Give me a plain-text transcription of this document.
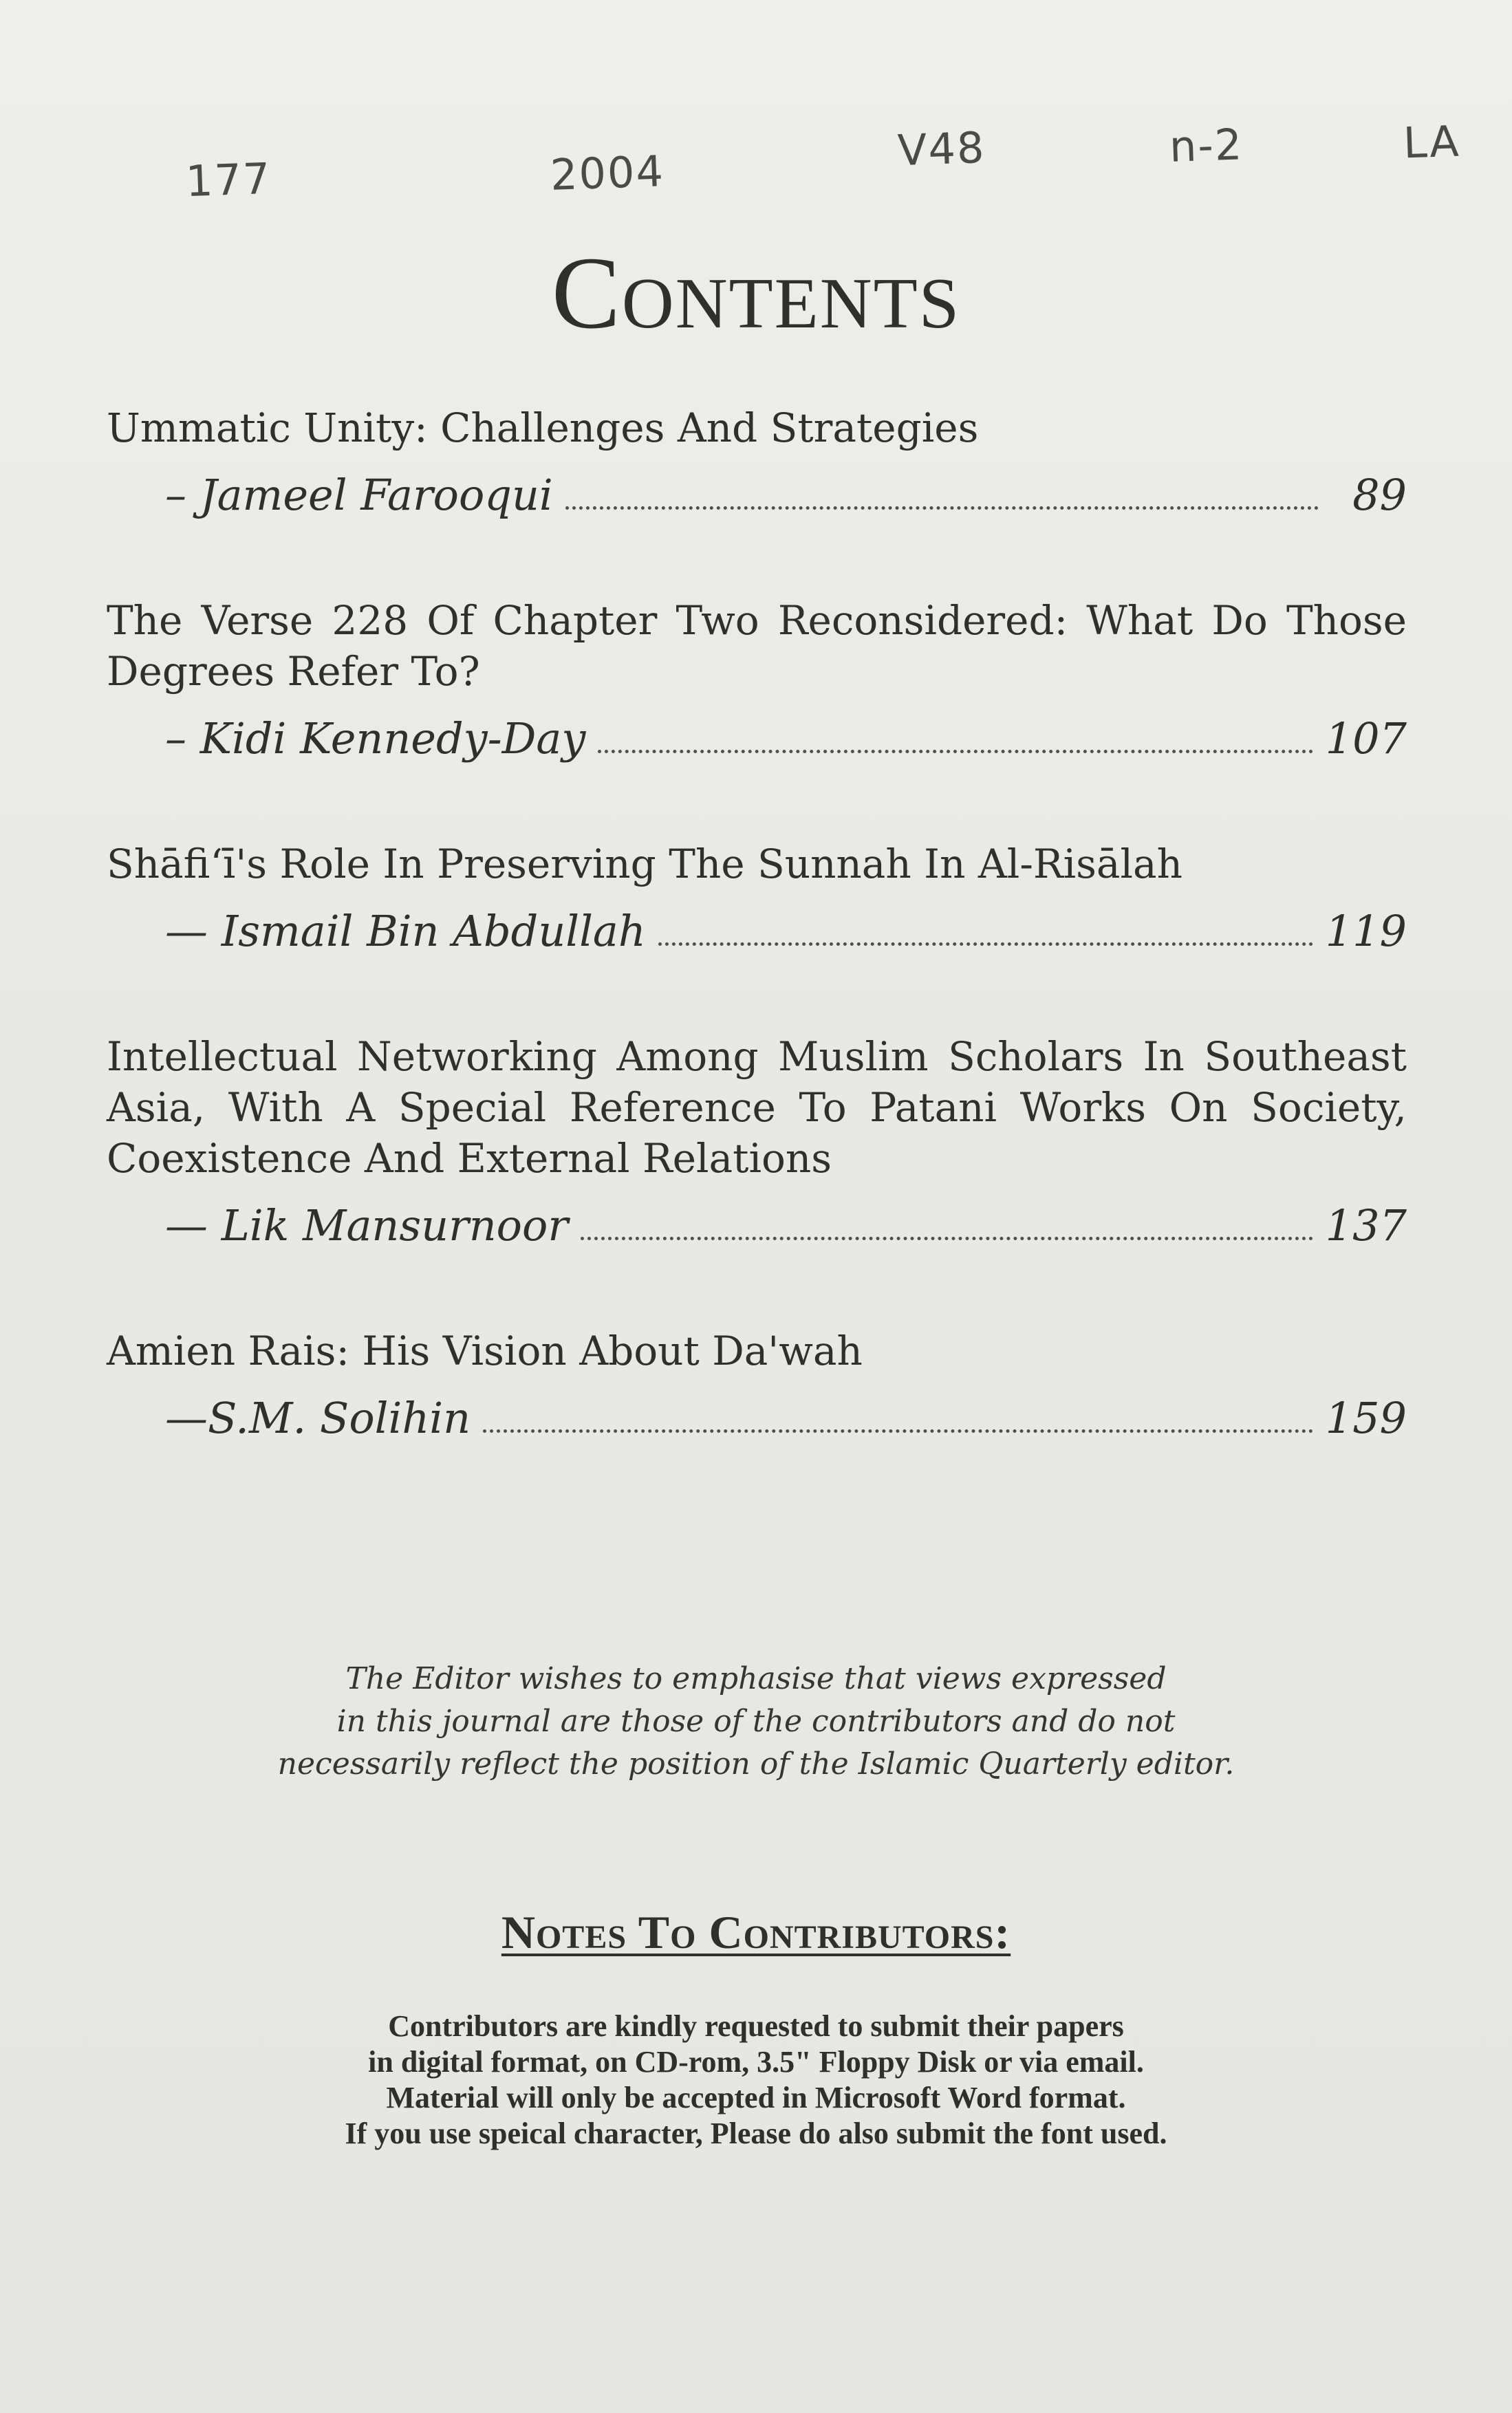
177	2004	V48	n-2	LA
Contents
Ummatic Unity: Challenges And Strategies
– Jameel Farooqui	89
The Verse 228 Of Chapter Two Reconsidered: What Do Those Degrees Refer To?
– Kidi Kennedy-Day	107
Shāfi‘ī's Role In Preserving The Sunnah In Al-Risālah
— Ismail Bin Abdullah	119
Intellectual Networking Among Muslim Scholars In Southeast Asia, With A Special Reference To Patani Works On Society, Coexistence And External Relations
— Lik Mansurnoor	137
Amien Rais: His Vision About Da'wah
—S.M. Solihin	159
The Editor wishes to emphasise that views expressed
in this journal are those of the contributors and do not
necessarily reflect the position of the Islamic Quarterly editor.
Notes To Contributors:
Contributors are kindly requested to submit their papers
in digital format, on CD-rom, 3.5" Floppy Disk or via email.
Material will only be accepted in Microsoft Word format.
If you use speical character, Please do also submit the font used.
